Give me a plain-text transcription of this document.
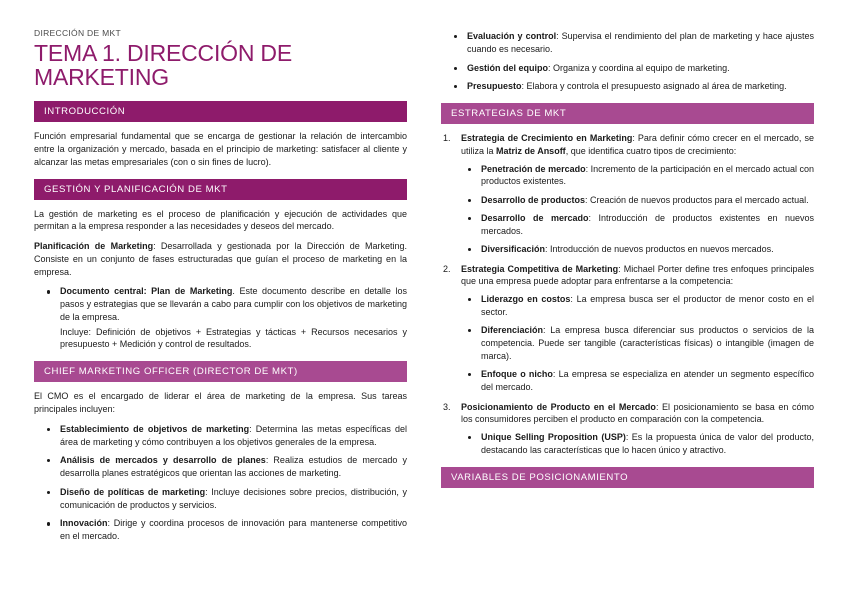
DIRECCIÓN DE MKT
TEMA 1. DIRECCIÓN DE MARKETING
INTRODUCCIÓN

Función empresarial fundamental que se encarga de gestionar la relación de intercambio entre la organización y mercado, basada en el principio de marketing: satisfacer al cliente y alcanzar las metas empresariales (con o sin fines de lucro).

GESTIÓN Y PLANIFICACIÓN DE MKT

La gestión de marketing es el proceso de planificación y ejecución de actividades que permitan a la empresa responder a las necesidades y deseos del mercado.

Planificación de Marketing: Desarrollada y gestionada por la Dirección de Marketing. Consiste en un conjunto de fases estructuradas que guían el proceso de marketing en la empresa.

Documento central: Plan de Marketing. Este documento describe en detalle los pasos y estrategias que se llevarán a cabo para cumplir con los objetivos de marketing de la empresa.
Incluye: Definición de objetivos + Estrategias y tácticas + Recursos necesarios y presupuesto + Medición y control de resultados.
CHIEF MARKETING OFFICER (DIRECTOR DE MKT)

El CMO es el encargado de liderar el área de marketing de la empresa. Sus tareas principales incluyen:

Establecimiento de objetivos de marketing: Determina las metas específicas del área de marketing y cómo contribuyen a los objetivos generales de la empresa.
Análisis de mercados y desarrollo de planes: Realiza estudios de mercado y desarrolla planes estratégicos que orientan las acciones de marketing.
Diseño de políticas de marketing: Incluye decisiones sobre precios, distribución, y comunicación de productos y servicios.
Innovación: Dirige y coordina procesos de innovación para mantenerse competitivo en el mercado.
Evaluación y control: Supervisa el rendimiento del plan de marketing y hace ajustes cuando es necesario.
Gestión del equipo: Organiza y coordina al equipo de marketing.
Presupuesto: Elabora y controla el presupuesto asignado al área de marketing.
ESTRATEGIAS DE MKT
Estrategia de Crecimiento en Marketing: Para definir cómo crecer en el mercado, se utiliza la Matriz de Ansoff, que identifica cuatro tipos de crecimiento:
Penetración de mercado: Incremento de la participación en el mercado actual con productos existentes.
Desarrollo de productos: Creación de nuevos productos para el mercado actual.
Desarrollo de mercado: Introducción de productos existentes en nuevos mercados.
Diversificación: Introducción de nuevos productos en nuevos mercados.
Estrategia Competitiva de Marketing: Michael Porter define tres enfoques principales que una empresa puede adoptar para enfrentarse a la competencia:
Liderazgo en costos: La empresa busca ser el productor de menor costo en el sector.
Diferenciación: La empresa busca diferenciar sus productos o servicios de la competencia. Puede ser tangible (características físicas) o intangible (imagen de marca).
Enfoque o nicho: La empresa se especializa en atender un segmento específico del mercado.
Posicionamiento de Producto en el Mercado: El posicionamiento se basa en cómo los consumidores perciben el producto en comparación con la competencia.
Unique Selling Proposition (USP): Es la propuesta única de valor del producto, destacando las características que lo hacen único y atractivo.
VARIABLES DE POSICIONAMIENTO
